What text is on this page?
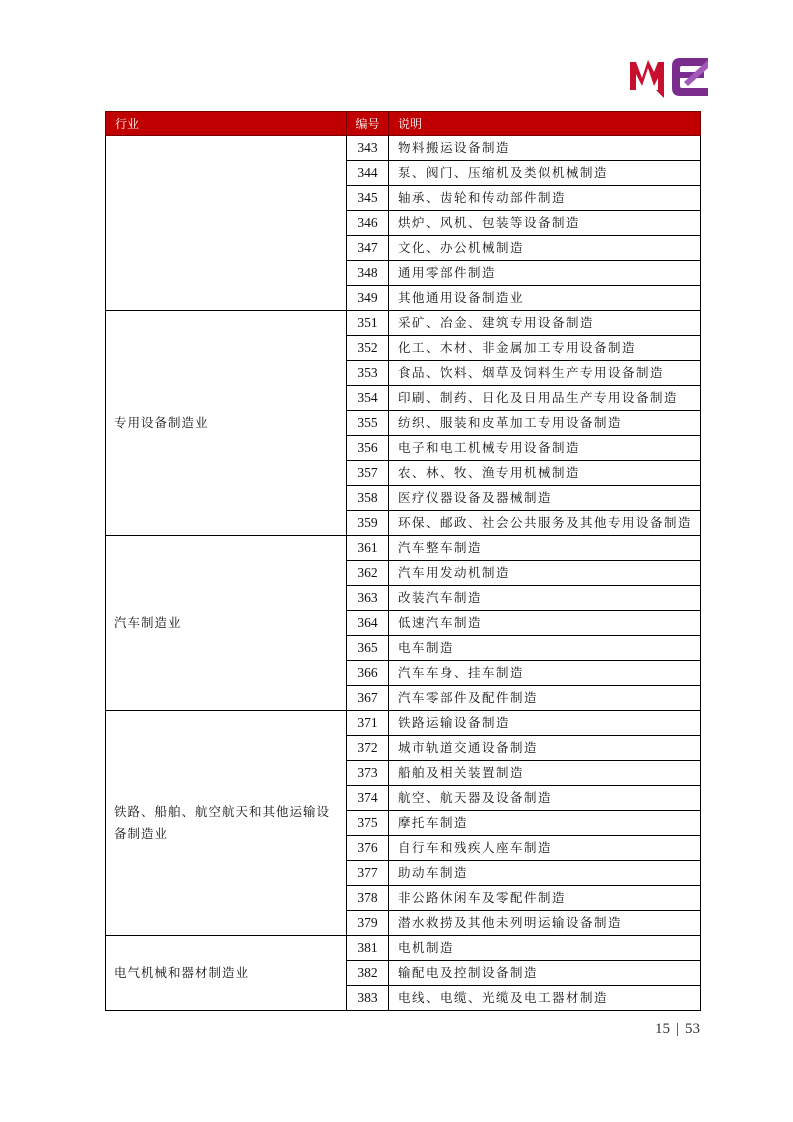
行业	编号	说明
	343	物料搬运设备制造
	344	泵、阀门、压缩机及类似机械制造
	345	轴承、齿轮和传动部件制造
	346	烘炉、风机、包装等设备制造
	347	文化、办公机械制造
	348	通用零部件制造
	349	其他通用设备制造业
专用设备制造业	351	采矿、冶金、建筑专用设备制造
	352	化工、木材、非金属加工专用设备制造
	353	食品、饮料、烟草及饲料生产专用设备制造
	354	印刷、制药、日化及日用品生产专用设备制造
	355	纺织、服装和皮革加工专用设备制造
	356	电子和电工机械专用设备制造
	357	农、林、牧、渔专用机械制造
	358	医疗仪器设备及器械制造
	359	环保、邮政、社会公共服务及其他专用设备制造
汽车制造业	361	汽车整车制造
	362	汽车用发动机制造
	363	改装汽车制造
	364	低速汽车制造
	365	电车制造
	366	汽车车身、挂车制造
	367	汽车零部件及配件制造
铁路、船舶、航空航天和其他运输设备制造业	371	铁路运输设备制造
	372	城市轨道交通设备制造
	373	船舶及相关装置制造
	374	航空、航天器及设备制造
	375	摩托车制造
	376	自行车和残疾人座车制造
	377	助动车制造
	378	非公路休闲车及零配件制造
	379	潜水救捞及其他未列明运输设备制造
电气机械和器材制造业	381	电机制造
	382	输配电及控制设备制造
	383	电线、电缆、光缆及电工器材制造
15 | 53
